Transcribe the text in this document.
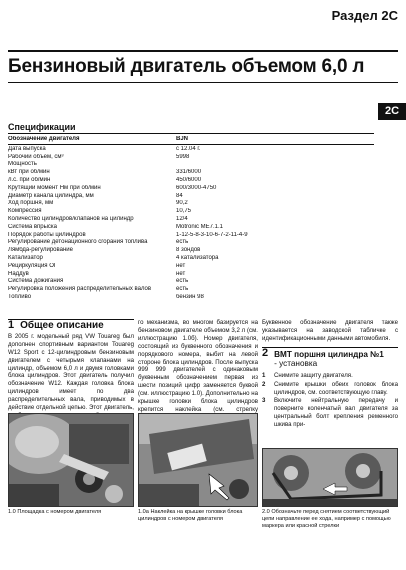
Раздел 2C
Бензиновый двигатель объемом 6,0 л
2C
Спецификации
Обозначение двигателя	BJN
Дата выпуска	с 12.04 г.
Рабочий объем, см³	5998
Мощность
кВт при об/мин	331/6000
л.с. при об/мин	450/6000
Крутящий момент Нм при об/мин	600/3000-4750
Диаметр канала цилиндра, мм	84
Ход поршня, мм	90,2
Компрессия	10,75
Количество цилиндров/клапанов на цилиндр	12/4
Система впрыска	Motronic ME7.1.1
Порядок работы цилиндров	1-12-5-8-3-10-6-7-2-11-4-9
Регулирование детонационного сгорания топлива	есть
Лямбда-регулирование	8 зондов
Катализатор	4 катализатора
Рециркуляция ОГ	нет
Наддув	нет
Система дожигания	есть
Регулировка положения распределительных валов	есть
Топливо	бензин 98
1 Общее описание

В 2005 г. модельный ряд VW Touareg был дополнен спортивным вариантом Touareg W12 Sport с 12-цилиндровым бензиновым двигателем с четырьмя клапанами на цилиндр, объемом 6,0 л и двумя головками блока цилиндров. Этот двигатель получил обозначение W12. Каждая головка блока цилиндров имеет по два распределительных вала, приводимых в действие отдельной цепью. Этот двигатель,

го механизма, во многом базируется на бензиновом двигателе объемом 3,2 л (см. иллюстрацию 1.0б). Номер двигателя, состоящий из буквенного обозначения и порядкового номера, выбит на левой стороне блока цилиндров. После выпуска 999 999 двигателей с одинаковым буквенным обозначением первая из шести позиций цифр заменяется буквой (см. иллюстрацию 1.0). Дополнительно на крышке головки блока цилиндров крепится наклейка (см. стрелку

Буквенное обозначение двигателя также указывается на заводской табличке с идентификационными данными автомобиля.

2 ВМТ поршня цилиндра №1
- установка
1	Снимите защиту двигателя.
2	Снимите крышки обеих головок блока цилиндров, см. соответствующую главу.
3	Включите нейтральную передачу и поверните коленчатый вал двигателя за центральный болт крепления ременного шкива при-
1.0 Площадка с номером двигателя	1.0а Наклейка на крышке головки блока цилиндров с номером двигателя
2.0 Обозначьте перед снятием соответствующий цепи направление ее хода, например с помощью маркера или красной стрелки
